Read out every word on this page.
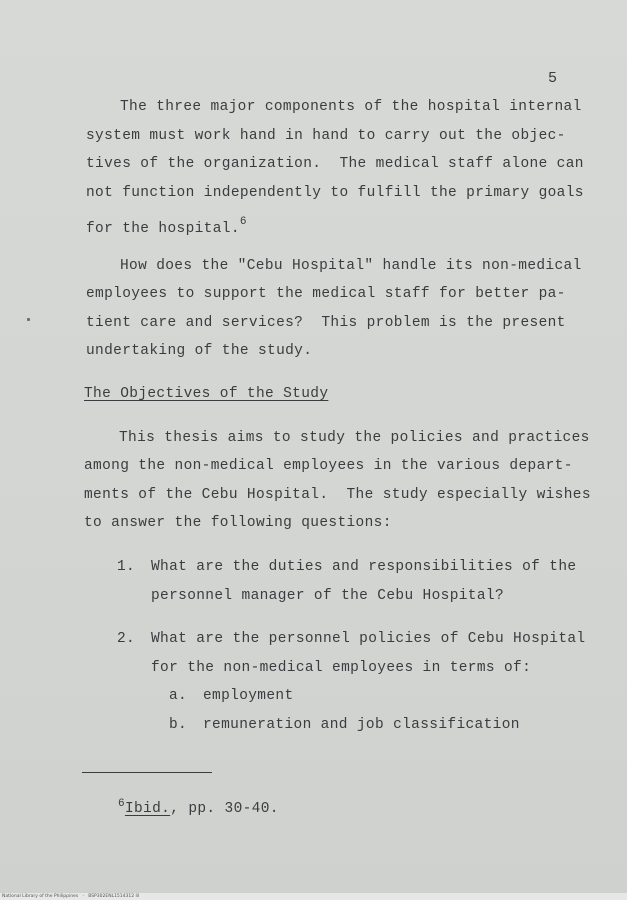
5
The three major components of the hospital internal
system must work hand in hand to carry out the objec-
tives of the organization.  The medical staff alone can
not function independently to fulfill the primary goals
for the hospital.$^6$
How does the "Cebu Hospital" handle its non-medical
employees to support the medical staff for better pa-
tient care and services?  This problem is the present
undertaking of the study.
The Objectives of the Study
This thesis aims to study the policies and practices
among the non-medical employees in the various depart-
ments of the Cebu Hospital.  The study especially wishes
to answer the following questions:
1. What are the duties and responsibilities of the
personnel manager of the Cebu Hospital?
2. What are the personnel policies of Cebu Hospital
for the non-medical employees in terms of:
a. employment
b. remuneration and job classification
$^6$Ibid., pp. 30-40.
National Library of the Philippines   ·   BSP302ENL1514312 lil
